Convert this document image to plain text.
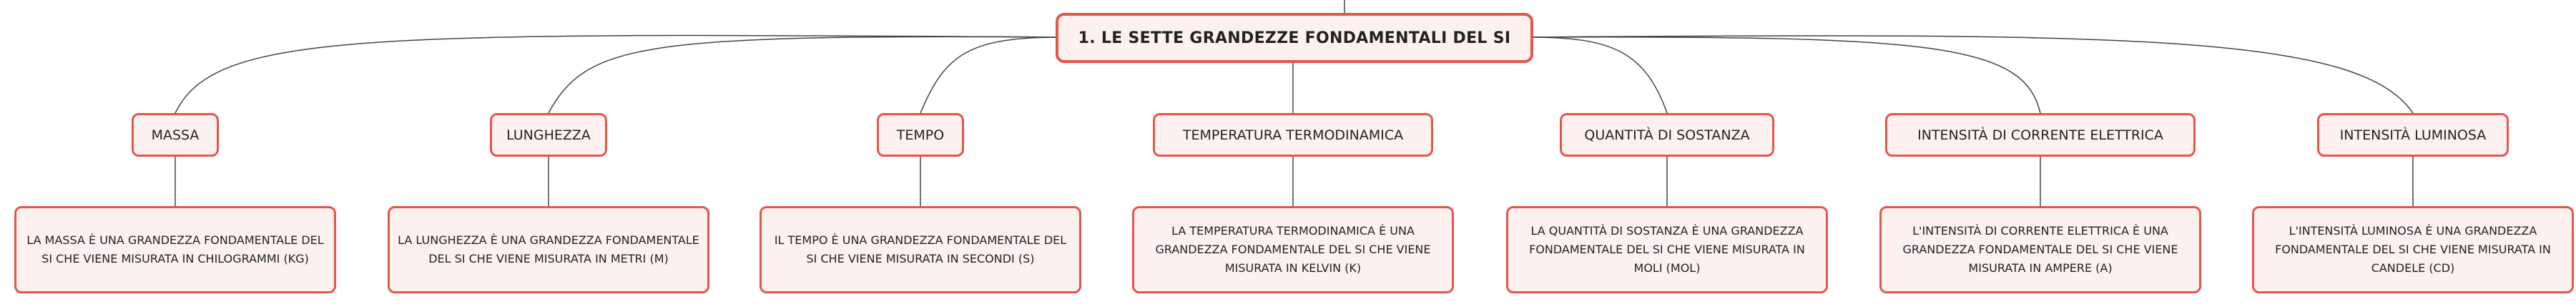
1. LE SETTE GRANDEZZE FONDAMENTALI DEL SI
MASSA
LA MASSA È UNA GRANDEZZA FONDAMENTALE DEL SI CHE VIENE MISURATA IN CHILOGRAMMI (KG)
LUNGHEZZA
LA LUNGHEZZA È UNA GRANDEZZA FONDAMENTALE DEL SI CHE VIENE MISURATA IN METRI (M)
TEMPO
IL TEMPO È UNA GRANDEZZA FONDAMENTALE DEL SI CHE VIENE MISURATA IN SECONDI (S)
TEMPERATURA TERMODINAMICA
LA TEMPERATURA TERMODINAMICA È UNA GRANDEZZA FONDAMENTALE DEL SI CHE VIENE MISURATA IN KELVIN (K)
QUANTITÀ DI SOSTANZA
LA QUANTITÀ DI SOSTANZA È UNA GRANDEZZA FONDAMENTALE DEL SI CHE VIENE MISURATA IN MOLI (MOL)
INTENSITÀ DI CORRENTE ELETTRICA
L'INTENSITÀ DI CORRENTE ELETTRICA È UNA GRANDEZZA FONDAMENTALE DEL SI CHE VIENE MISURATA IN AMPERE (A)
INTENSITÀ LUMINOSA
L'INTENSITÀ LUMINOSA È UNA GRANDEZZA FONDAMENTALE DEL SI CHE VIENE MISURATA IN CANDELE (CD)
